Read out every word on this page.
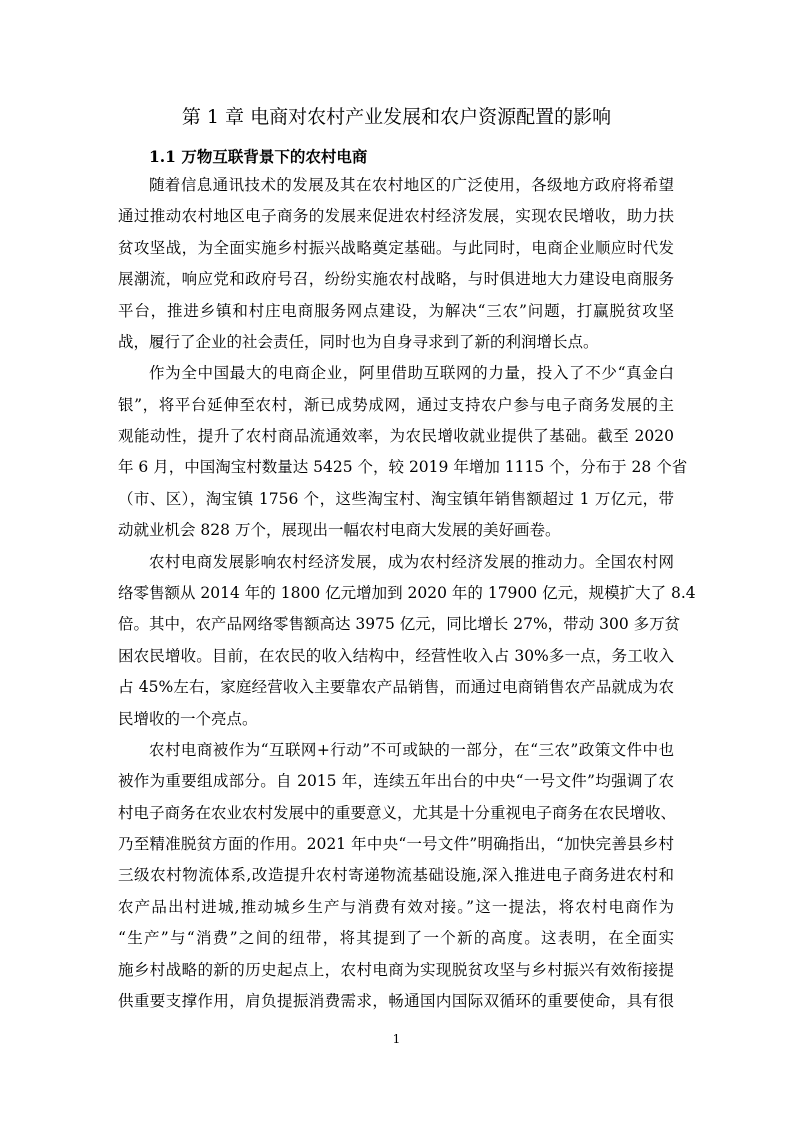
第 1 章 电商对农村产业发展和农户资源配置的影响
1.1 万物互联背景下的农村电商
随着信息通讯技术的发展及其在农村地区的广泛使用，各级地方政府将希望
通过推动农村地区电子商务的发展来促进农村经济发展，实现农民增收，助力扶
贫攻坚战，为全面实施乡村振兴战略奠定基础。与此同时，电商企业顺应时代发
展潮流，响应党和政府号召，纷纷实施农村战略，与时俱进地大力建设电商服务
平台，推进乡镇和村庄电商服务网点建设，为解决“三农”问题，打赢脱贫攻坚
战，履行了企业的社会责任，同时也为自身寻求到了新的利润增长点。
作为全中国最大的电商企业，阿里借助互联网的力量，投入了不少“真金白
银”，将平台延伸至农村，渐已成势成网，通过支持农户参与电子商务发展的主
观能动性，提升了农村商品流通效率，为农民增收就业提供了基础。截至 2020
年 6 月，中国淘宝村数量达 5425 个，较 2019 年增加 1115 个，分布于 28 个省
（市、区），淘宝镇 1756 个，这些淘宝村、淘宝镇年销售额超过 1 万亿元，带
动就业机会 828 万个，展现出一幅农村电商大发展的美好画卷。
农村电商发展影响农村经济发展，成为农村经济发展的推动力。全国农村网
络零售额从 2014 年的 1800 亿元增加到 2020 年的 17900 亿元，规模扩大了 8.4
倍。其中，农产品网络零售额高达 3975 亿元，同比增长 27%，带动 300 多万贫
困农民增收。目前，在农民的收入结构中，经营性收入占 30%多一点，务工收入
占 45%左右，家庭经营收入主要靠农产品销售，而通过电商销售农产品就成为农
民增收的一个亮点。
农村电商被作为“互联网+行动”不可或缺的一部分，在“三农”政策文件中也
被作为重要组成部分。自 2015 年，连续五年出台的中央“一号文件”均强调了农
村电子商务在农业农村发展中的重要意义，尤其是十分重视电子商务在农民增收、
乃至精准脱贫方面的作用。2021 年中央“一号文件”明确指出，“加快完善县乡村
三级农村物流体系,改造提升农村寄递物流基础设施,深入推进电子商务进农村和
农产品出村进城,推动城乡生产与消费有效对接。”这一提法，将农村电商作为
“生产”与“消费”之间的纽带，将其提到了一个新的高度。这表明，在全面实
施乡村战略的新的历史起点上，农村电商为实现脱贫攻坚与乡村振兴有效衔接提
供重要支撑作用，肩负提振消费需求，畅通国内国际双循环的重要使命，具有很
1
